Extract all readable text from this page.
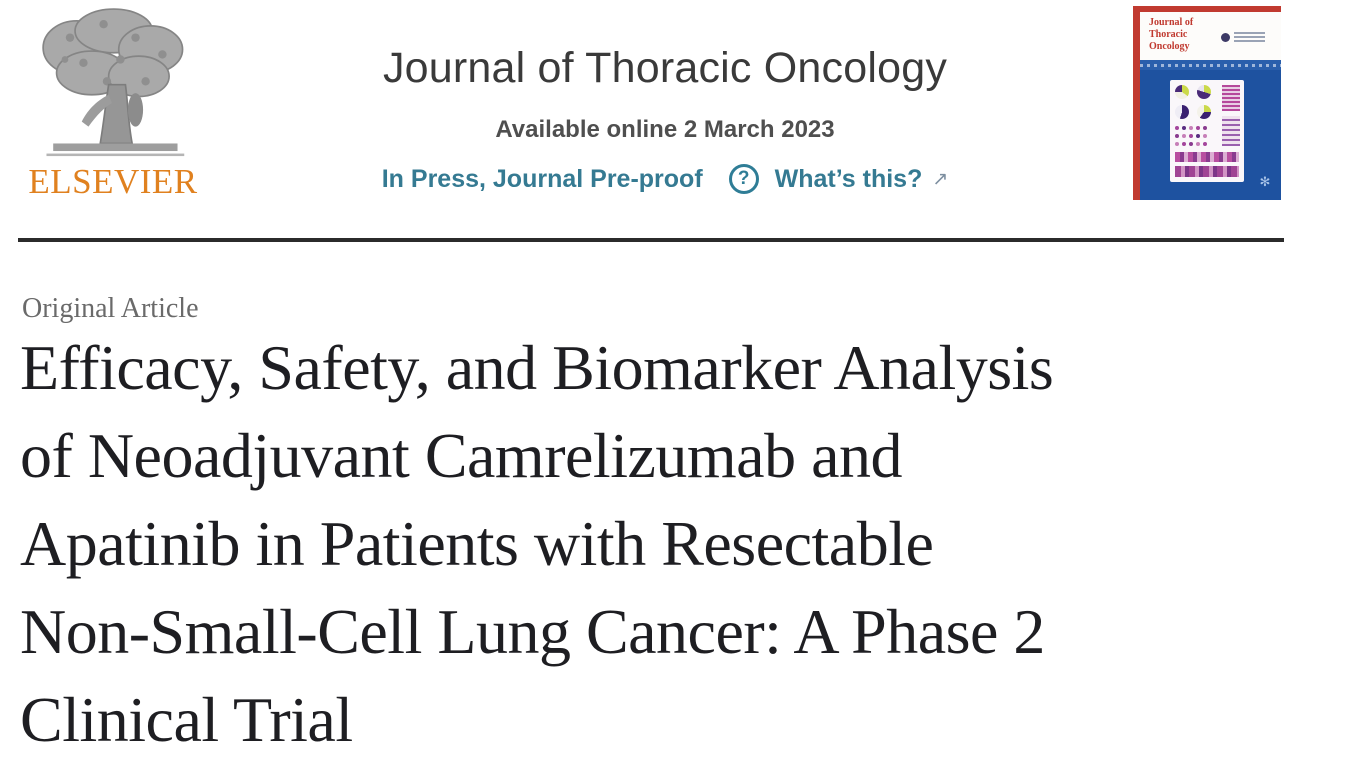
ELSEVIER
Journal of Thoracic Oncology
Available online 2 March 2023
In Press, Journal Pre-proof	?	What’s this? ↗
Journal of
Thoracic
Oncology
✻
Original Article
Efficacy, Safety, and Biomarker Analysis
of Neoadjuvant Camrelizumab and
Apatinib in Patients with Resectable
Non-Small-Cell Lung Cancer: A Phase 2
Clinical Trial
